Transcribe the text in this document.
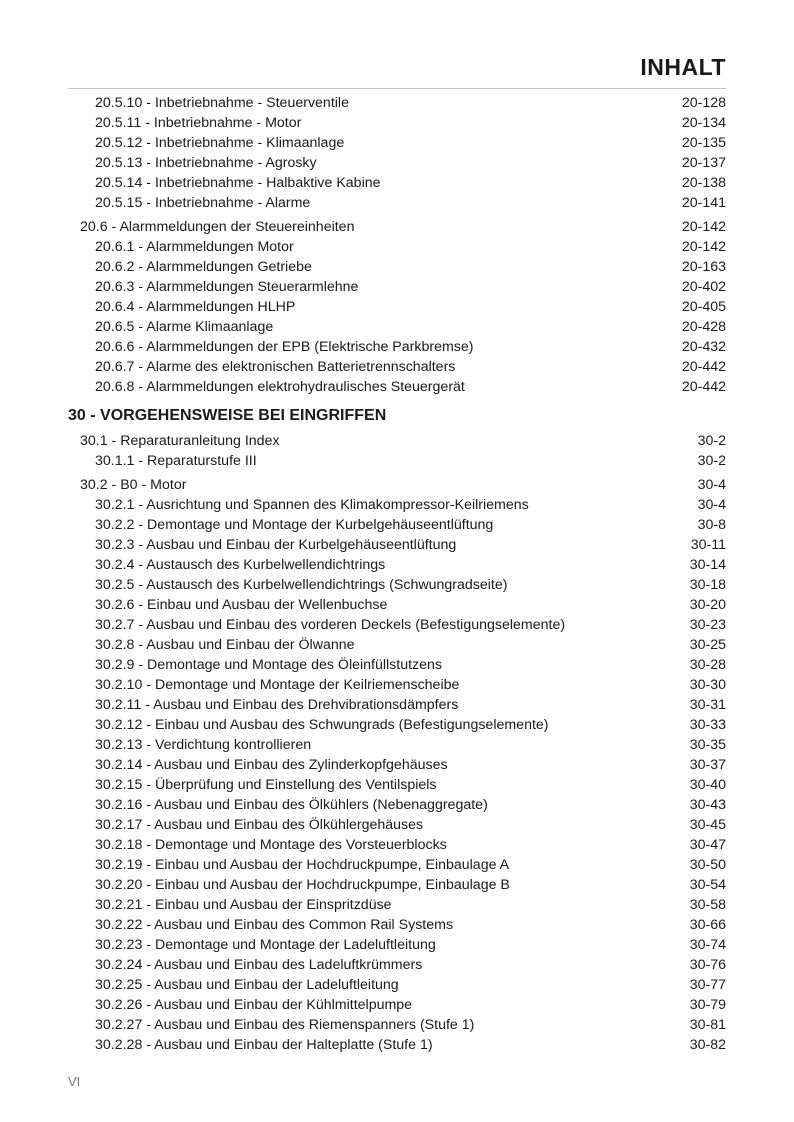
INHALT
20.5.10 - Inbetriebnahme - Steuerventile	20-128
20.5.11 - Inbetriebnahme - Motor	20-134
20.5.12 - Inbetriebnahme - Klimaanlage	20-135
20.5.13 - Inbetriebnahme - Agrosky	20-137
20.5.14 - Inbetriebnahme - Halbaktive Kabine	20-138
20.5.15 - Inbetriebnahme - Alarme	20-141
20.6 - Alarmmeldungen der Steuereinheiten	20-142
20.6.1 - Alarmmeldungen Motor	20-142
20.6.2 - Alarmmeldungen Getriebe	20-163
20.6.3 - Alarmmeldungen Steuerarmlehne	20-402
20.6.4 - Alarmmeldungen HLHP	20-405
20.6.5 - Alarme Klimaanlage	20-428
20.6.6 - Alarmmeldungen der EPB (Elektrische Parkbremse)	20-432
20.6.7 - Alarme des elektronischen Batterietrennschalters	20-442
20.6.8 - Alarmmeldungen elektrohydraulisches Steuergerät	20-442
30 - VORGEHENSWEISE BEI EINGRIFFEN
30.1 - Reparaturanleitung Index	30-2
30.1.1 - Reparaturstufe III	30-2
30.2 - B0 - Motor	30-4
30.2.1 - Ausrichtung und Spannen des Klimakompressor-Keilriemens	30-4
30.2.2 - Demontage und Montage der Kurbelgehäuseentlüftung	30-8
30.2.3 - Ausbau und Einbau der Kurbelgehäuseentlüftung	30-11
30.2.4 - Austausch des Kurbelwellendichtrings	30-14
30.2.5 - Austausch des Kurbelwellendichtrings (Schwungradseite)	30-18
30.2.6 - Einbau und Ausbau der Wellenbuchse	30-20
30.2.7 - Ausbau und Einbau des vorderen Deckels (Befestigungselemente)	30-23
30.2.8 - Ausbau und Einbau der Ölwanne	30-25
30.2.9 - Demontage und Montage des Öleinfüllstutzens	30-28
30.2.10 - Demontage und Montage der Keilriemenscheibe	30-30
30.2.11 - Ausbau und Einbau des Drehvibrationsdämpfers	30-31
30.2.12 - Einbau und Ausbau des Schwungrads (Befestigungselemente)	30-33
30.2.13 - Verdichtung kontrollieren	30-35
30.2.14 - Ausbau und Einbau des Zylinderkopfgehäuses	30-37
30.2.15 - Überprüfung und Einstellung des Ventilspiels	30-40
30.2.16 - Ausbau und Einbau des Ölkühlers (Nebenaggregate)	30-43
30.2.17 - Ausbau und Einbau des Ölkühlergehäuses	30-45
30.2.18 - Demontage und Montage des Vorsteuerblocks	30-47
30.2.19 - Einbau und Ausbau der Hochdruckpumpe, Einbaulage A	30-50
30.2.20 - Einbau und Ausbau der Hochdruckpumpe, Einbaulage B	30-54
30.2.21 - Einbau und Ausbau der Einspritzdüse	30-58
30.2.22 - Ausbau und Einbau des Common Rail Systems	30-66
30.2.23 - Demontage und Montage der Ladeluftleitung	30-74
30.2.24 - Ausbau und Einbau des Ladeluftkrümmers	30-76
30.2.25 - Ausbau und Einbau der Ladeluftleitung	30-77
30.2.26 - Ausbau und Einbau der Kühlmittelpumpe	30-79
30.2.27 - Ausbau und Einbau des Riemenspanners (Stufe 1)	30-81
30.2.28 - Ausbau und Einbau der Halteplatte (Stufe 1)	30-82
VI
